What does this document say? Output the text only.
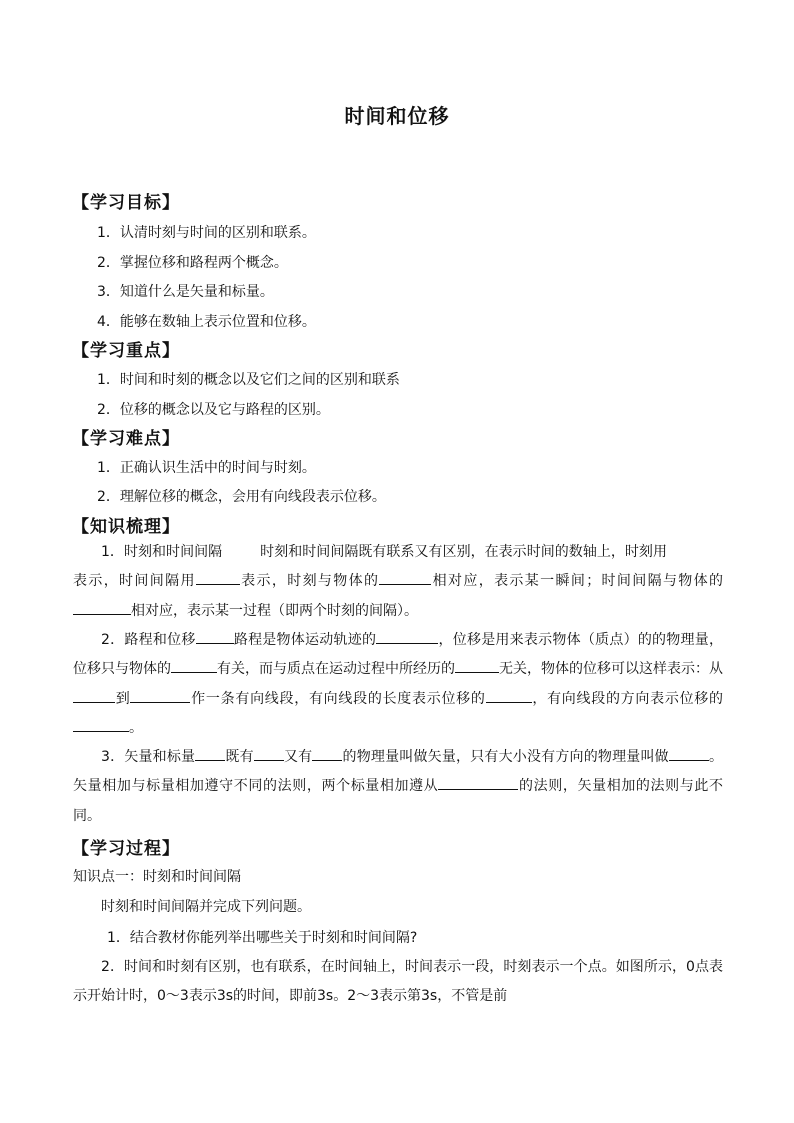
时间和位移
【学习目标】
1．认清时刻与时间的区别和联系。
2．掌握位移和路程两个概念。
3．知道什么是矢量和标量。
4．能够在数轴上表示位置和位移。
【学习重点】
1．时间和时刻的概念以及它们之间的区别和联系
2．位移的概念以及它与路程的区别。
【学习难点】
1．正确认识生活中的时间与时刻。
2．理解位移的概念，会用有向线段表示位移。
【知识梳理】
1．时刻和时间间隔	时刻和时间间隔既有联系又有区别，在表示时间的数轴上，时刻用表示，时间间隔用	表示，时刻与物体的	相对应，表示某一瞬间；时间间隔与物体的相对应，表示某一过程（即两个时刻的间隔）。
2．路程和位移	路程是物体运动轨迹的	，位移是用来表示物体（质点）的的物理量，位移只与物体的	有关，而与质点在运动过程中所经历的	无关，物体的位移可以这样表示：从到	作一条有向线段，有向线段的长度表示位移的	，有向线段的方向表示位移的。
3．矢量和标量 既有 又有 的物理量叫做矢量，只有大小没有方向的物理量叫做	。矢量相加与标量相加遵守不同的法则，两个标量相加遵从	的法则，矢量相加的法则与此不同。
【学习过程】
知识点一：时刻和时间间隔
时刻和时间间隔并完成下列问题。
1．结合教材你能列举出哪些关于时刻和时间间隔?
2．时间和时刻有区别，也有联系，在时间轴上，时间表示一段，时刻表示一个点。如图所示，0点表示开始计时，0～3表示3s的时间，即前3s。2～3表示第3s，不管是前
